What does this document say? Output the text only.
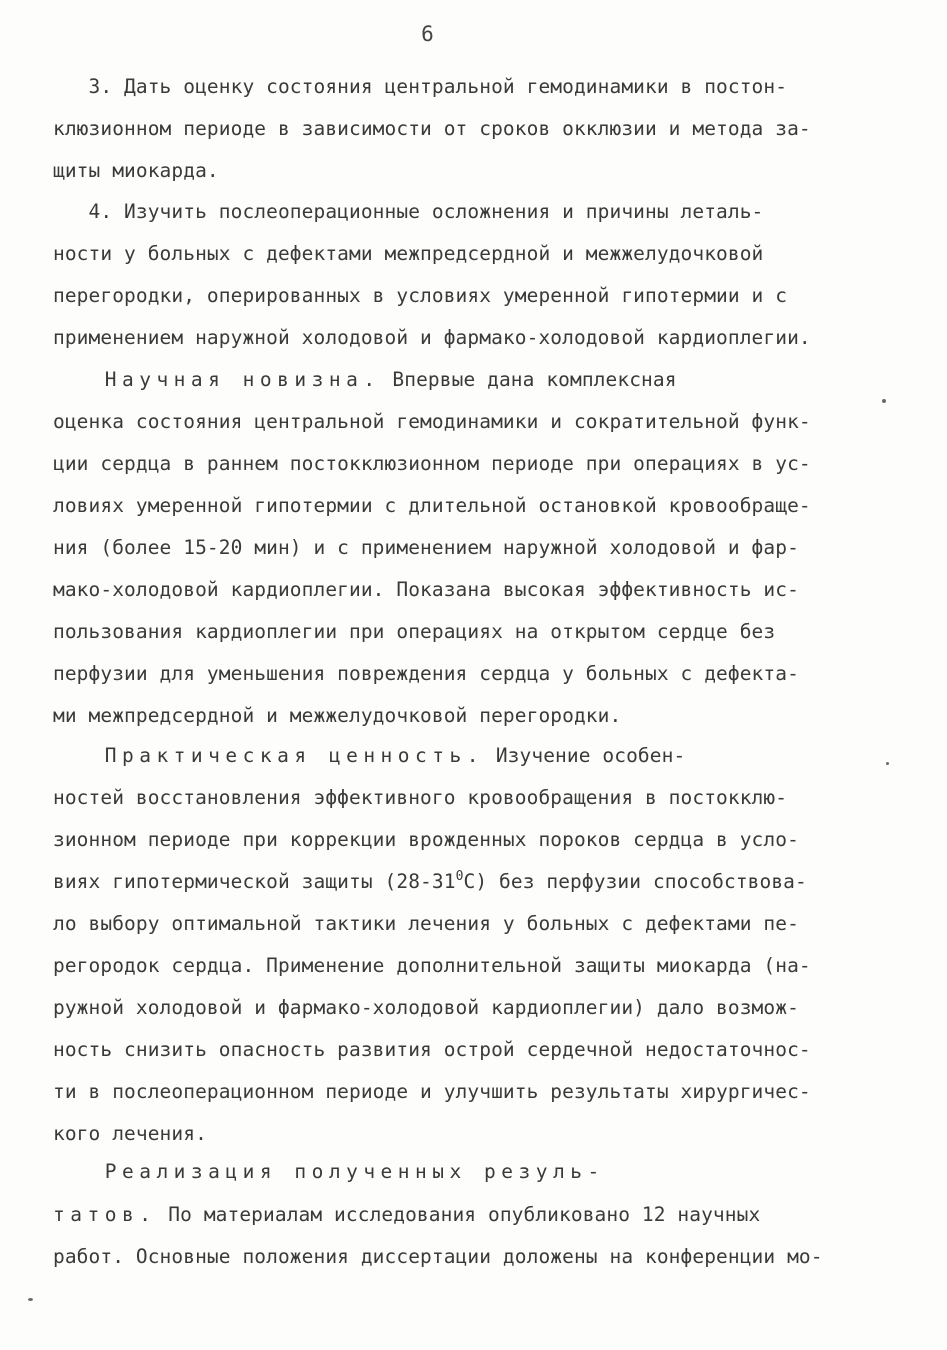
6
3. Дать оценку состояния центральной гемодинамики в постон-
клюзионном периоде в зависимости от сроков окклюзии и метода за-
щиты миокарда.
4. Изучить послеоперационные осложнения и причины леталь-
ности у больных с дефектами межпредсердной и межжелудочковой
перегородки, оперированных в условиях умеренной гипотермии и с
применением наружной холодовой и фармако-холодовой кардиоплегии.
Научная новизна. Впервые дана комплексная
оценка состояния центральной гемодинамики и сократительной функ-
ции сердца в раннем постокклюзионном периоде при операциях в ус-
ловиях умеренной гипотермии с длительной остановкой кровообраще-
ния (более 15-20 мин) и с применением наружной холодовой и фар-
мако-холодовой кардиоплегии. Показана высокая эффективность ис-
пользования кардиоплегии при операциях на открытом сердце без
перфузии для уменьшения повреждения сердца у больных с дефекта-
ми межпредсердной и межжелудочковой перегородки.
Практическая ценность. Изучение особен-
ностей восстановления эффективного кровообращения в постокклю-
зионном периоде при коррекции врожденных пороков сердца в усло-
виях гипотермической защиты $(28-31^0С)$ без перфузии способствова-
ло выбору оптимальной тактики лечения у больных с дефектами пе-
регородок сердца. Применение дополнительной защиты миокарда (на-
ружной холодовой и фармако-холодовой кардиоплегии) дало возмож-
ность снизить опасность развития острой сердечной недостаточнос-
ти в послеоперационном периоде и улучшить результаты хирургичес-
кого лечения.
Реализация полученных резуль-
татов. По материалам исследования опубликовано 12 научных
работ. Основные положения диссертации доложены на конференции мо-
